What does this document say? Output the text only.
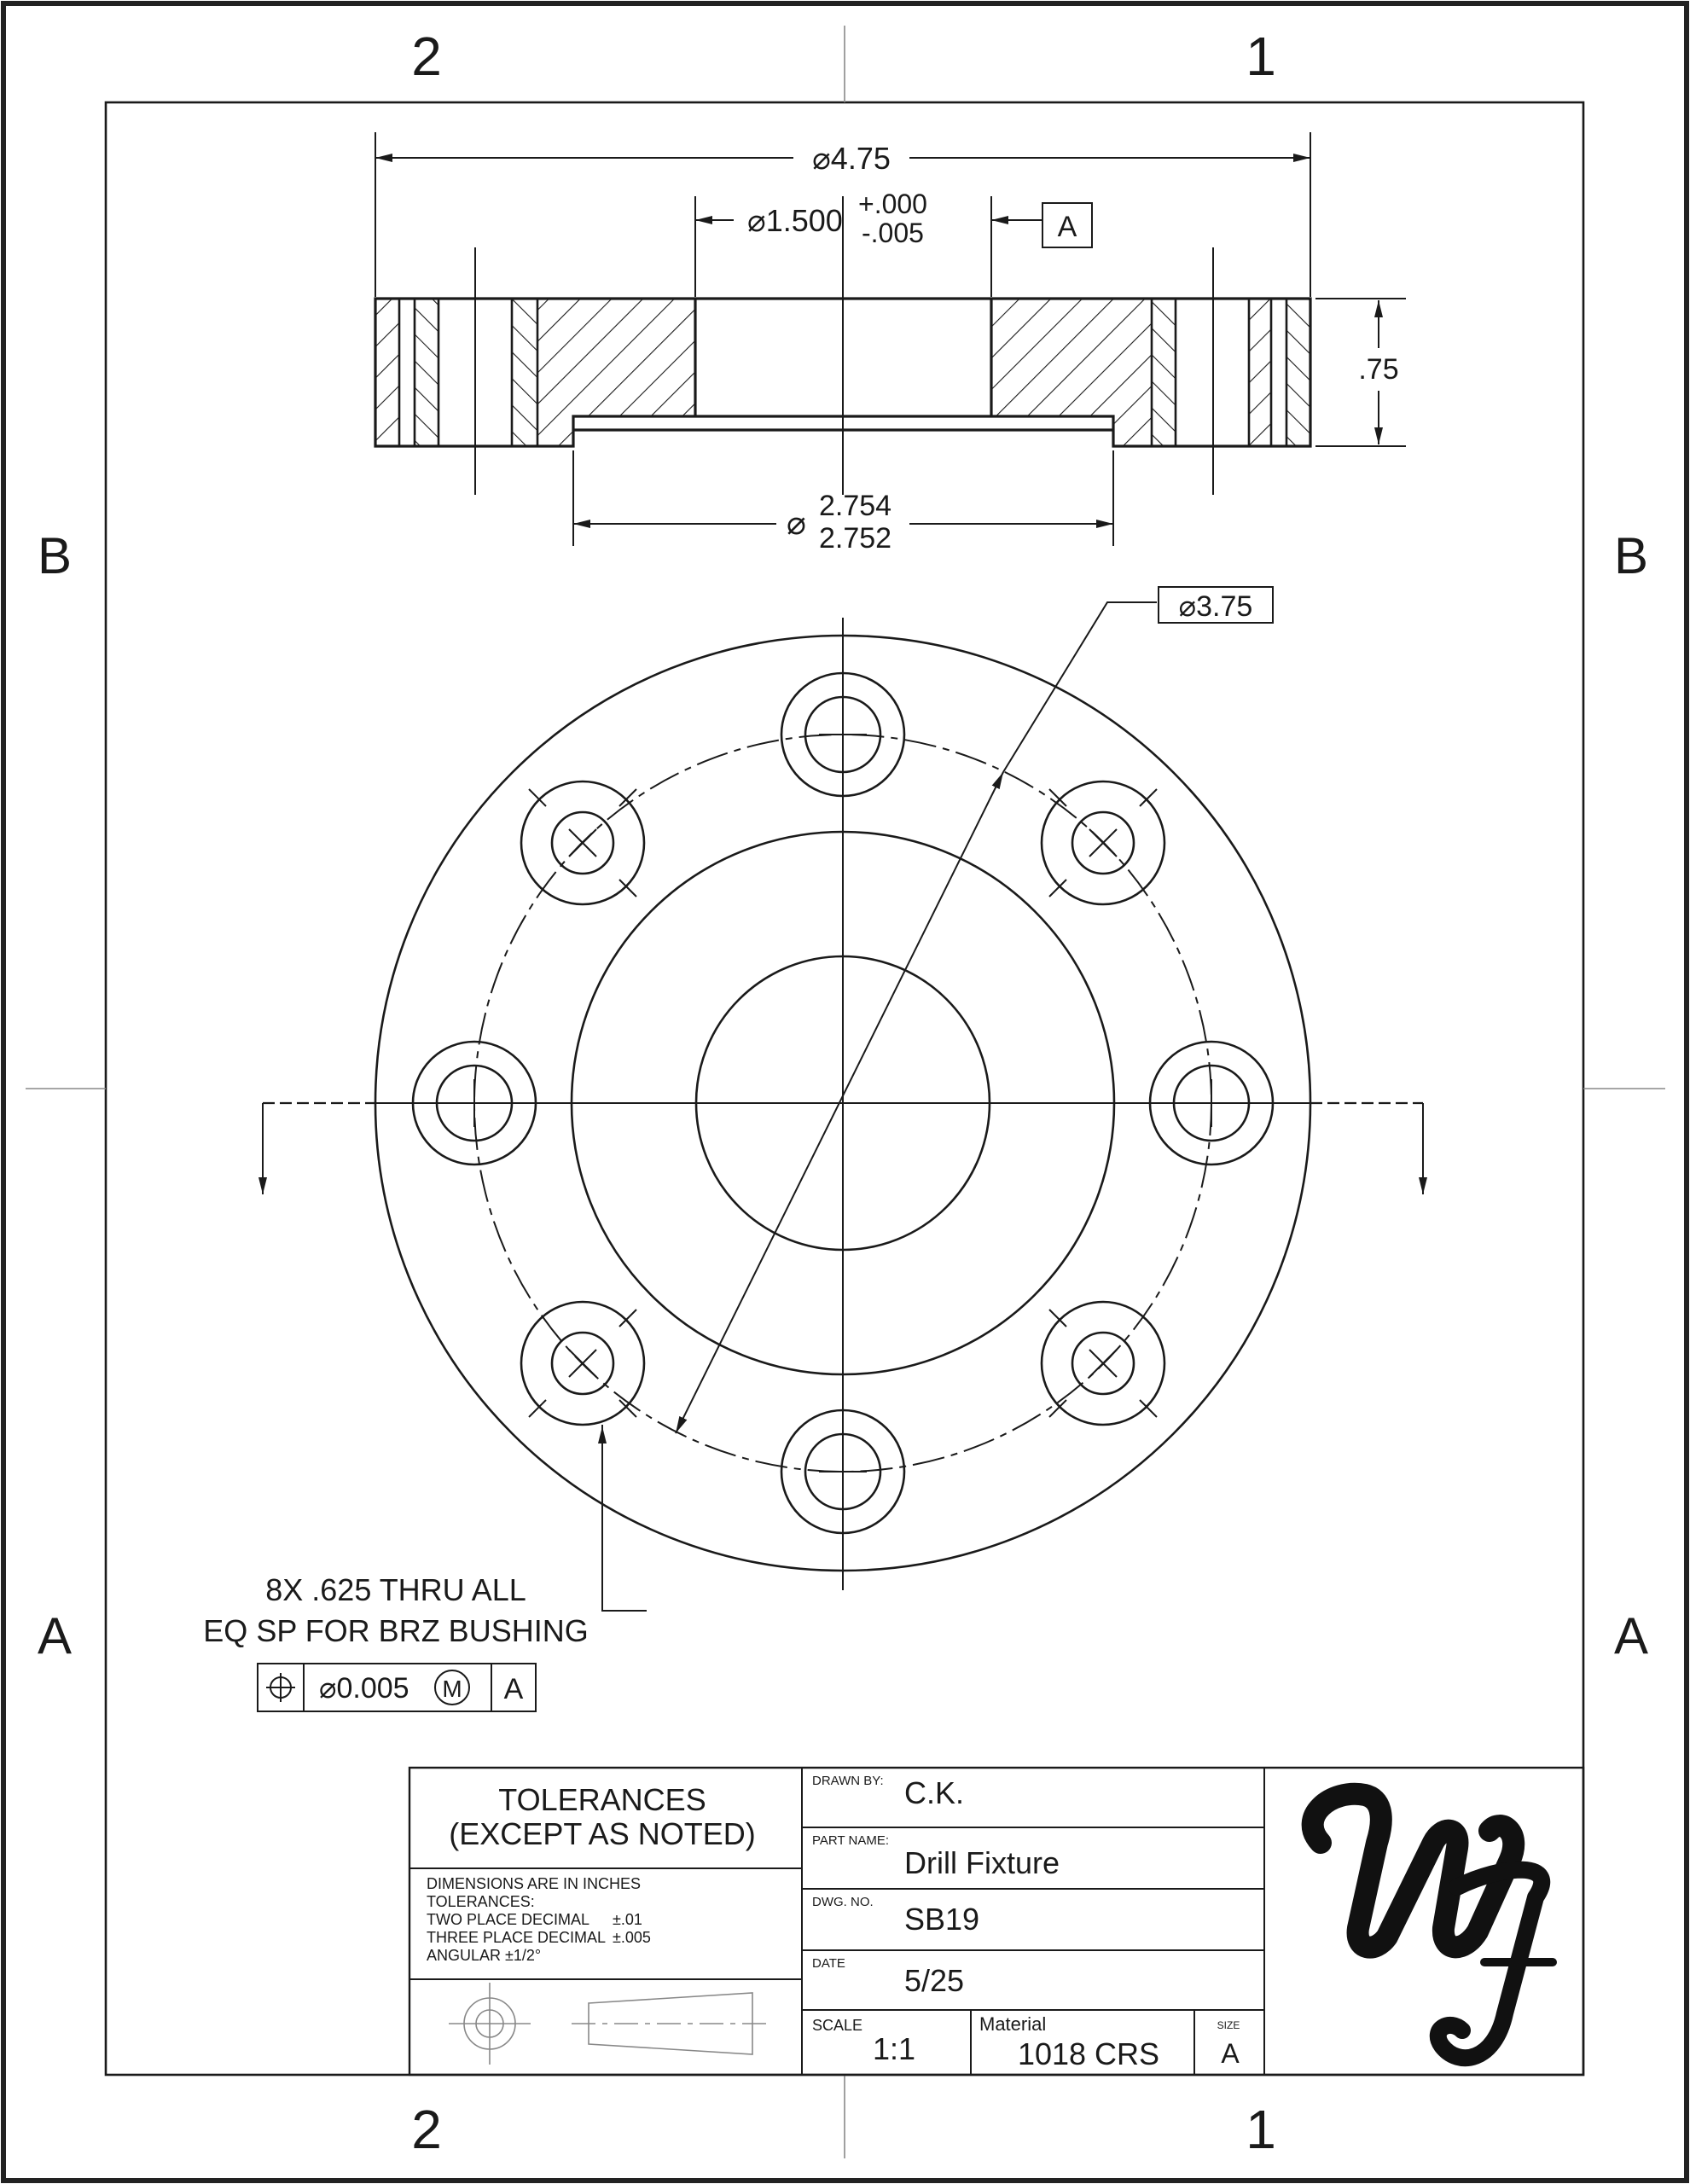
2	1
2	1
B
A
B
A
⌀4.75
⌀1.500 +.000
-.005	A
.75
⌀ 2.754
2.752
⌀3.75
8X .625 THRU ALL
EQ SP FOR BRZ BUSHING
⌀0.005 M A
TOLERANCES
(EXCEPT AS NOTED)
DIMENSIONS ARE IN INCHES
TOLERANCES:
TWO PLACE DECIMAL ±.01
THREE PLACE DECIMAL ±.005
ANGULAR ±1/2°
DRAWN BY: C.K.
PART NAME:
Drill Fixture
DWG. NO. SB19
DATE 5/25
SCALE
1:1
Material
1018 CRS
SIZE
A
